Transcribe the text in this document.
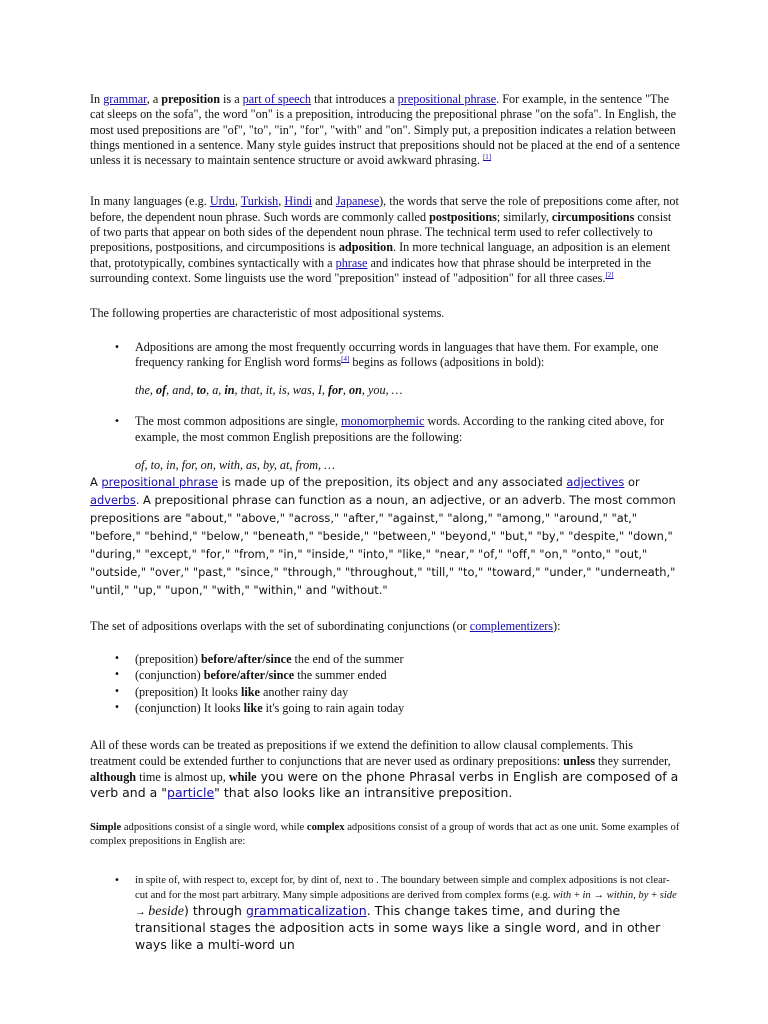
In grammar, a preposition is a part of speech that introduces a prepositional phrase. For example, in the sentence "The cat sleeps on the sofa", the word "on" is a preposition, introducing the prepositional phrase "on the sofa". In English, the most used prepositions are "of", "to", "in", "for", "with" and "on". Simply put, a preposition indicates a relation between things mentioned in a sentence. Many style guides instruct that prepositions should not be placed at the end of a sentence unless it is necessary to maintain sentence structure or avoid awkward phrasing. [1]

In many languages (e.g. Urdu, Turkish, Hindi and Japanese), the words that serve the role of prepositions come after, not before, the dependent noun phrase. Such words are commonly called postpositions; similarly, circumpositions consist of two parts that appear on both sides of the dependent noun phrase. The technical term used to refer collectively to prepositions, postpositions, and circumpositions is adposition. In more technical language, an adposition is an element that, prototypically, combines syntactically with a phrase and indicates how that phrase should be interpreted in the surrounding context. Some linguists use the word "preposition" instead of "adposition" for all three cases.[2]

The following properties are characteristic of most adpositional systems.

• Adpositions are among the most frequently occurring words in languages that have them. For example, one frequency ranking for English word forms[4] begins as follows (adpositions in bold):

the, of, and, to, a, in, that, it, is, was, I, for, on, you, …

• The most common adpositions are single, monomorphemic words. According to the ranking cited above, for example, the most common English prepositions are the following:

of, to, in, for, on, with, as, by, at, from, …

A prepositional phrase is made up of the preposition, its object and any associated adjectives or adverbs. A prepositional phrase can function as a noun, an adjective, or an adverb. The most common prepositions are "about," "above," "across," "after," "against," "along," "among," "around," "at," "before," "behind," "below," "beneath," "beside," "between," "beyond," "but," "by," "despite," "down," "during," "except," "for," "from," "in," "inside," "into," "like," "near," "of," "off," "on," "onto," "out," "outside," "over," "past," "since," "through," "throughout," "till," "to," "toward," "under," "underneath," "until," "up," "upon," "with," "within," and "without."

The set of adpositions overlaps with the set of subordinating conjunctions (or complementizers):

• (preposition) before/after/since the end of the summer
• (conjunction) before/after/since the summer ended
• (preposition) It looks like another rainy day
• (conjunction) It looks like it's going to rain again today

All of these words can be treated as prepositions if we extend the definition to allow clausal complements. This treatment could be extended further to conjunctions that are never used as ordinary prepositions: unless they surrender, although time is almost up, while you were on the phone Phrasal verbs in English are composed of a verb and a "particle" that also looks like an intransitive preposition.

Simple adpositions consist of a single word, while complex adpositions consist of a group of words that act as one unit. Some examples of complex prepositions in English are:

• in spite of, with respect to, except for, by dint of, next to . The boundary between simple and complex adpositions is not clear-cut and for the most part arbitrary. Many simple adpositions are derived from complex forms (e.g. with + in → within, by + side → beside) through grammaticalization. This change takes time, and during the transitional stages the adposition acts in some ways like a single word, and in other ways like a multi-word un
